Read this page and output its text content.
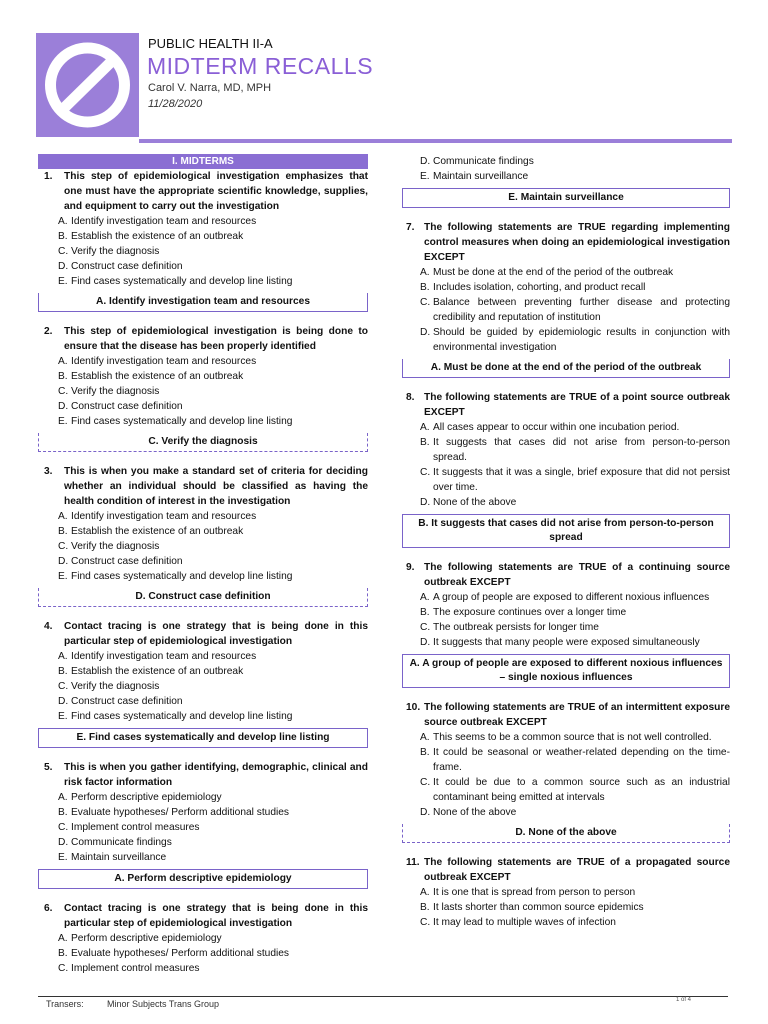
PUBLIC HEALTH II-A
MIDTERM RECALLS
Carol V. Narra, MD, MPH
11/28/2020
I. MIDTERMS
1.	This step of epidemiological investigation emphasizes that one must have the appropriate scientific knowledge, supplies, and equipment to carry out the investigation
A. Identify investigation team and resources
B. Establish the existence of an outbreak
C. Verify the diagnosis
D. Construct case definition
E. Find cases systematically and develop line listing
A. Identify investigation team and resources
2.	This step of epidemiological investigation is being done to ensure that the disease has been properly identified
A. Identify investigation team and resources
B. Establish the existence of an outbreak
C. Verify the diagnosis
D. Construct case definition
E. Find cases systematically and develop line listing
C. Verify the diagnosis
3.	This is when you make a standard set of criteria for deciding whether an individual should be classified as having the health condition of interest in the investigation
A. Identify investigation team and resources
B. Establish the existence of an outbreak
C. Verify the diagnosis
D. Construct case definition
E. Find cases systematically and develop line listing
D. Construct case definition
4.	Contact tracing is one strategy that is being done in this particular step of epidemiological investigation
A. Identify investigation team and resources
B. Establish the existence of an outbreak
C. Verify the diagnosis
D. Construct case definition
E. Find cases systematically and develop line listing
E. Find cases systematically and develop line listing
5.	This is when you gather identifying, demographic, clinical and risk factor information
A. Perform descriptive epidemiology
B. Evaluate hypotheses/ Perform additional studies
C. Implement control measures
D. Communicate findings
E. Maintain surveillance
A. Perform descriptive epidemiology
6.	Contact tracing is one strategy that is being done in this particular step of epidemiological investigation
A. Perform descriptive epidemiology
B. Evaluate hypotheses/ Perform additional studies
C. Implement control measures
D. Communicate findings
E. Maintain surveillance
E. Maintain surveillance
7. The following statements are TRUE regarding implementing control measures when doing an epidemiological investigation EXCEPT
A. Must be done at the end of the period of the outbreak
B. Includes isolation, cohorting, and product recall
C. Balance between preventing further disease and protecting credibility and reputation of institution
D. Should be guided by epidemiologic results in conjunction with environmental investigation
A. Must be done at the end of the period of the outbreak
8. The following statements are TRUE of a point source outbreak EXCEPT
A. All cases appear to occur within one incubation period.
B. It suggests that cases did not arise from person-to-person spread.
C. It suggests that it was a single, brief exposure that did not persist over time.
D. None of the above
B. It suggests that cases did not arise from person-to-person spread
9. The following statements are TRUE of a continuing source outbreak EXCEPT
A. A group of people are exposed to different noxious influences
B. The exposure continues over a longer time
C. The outbreak persists for longer time
D. It suggests that many people were exposed simultaneously
A. A group of people are exposed to different noxious influences – single noxious influences
10. The following statements are TRUE of an intermittent exposure source outbreak EXCEPT
A. This seems to be a common source that is not well controlled.
B. It could be seasonal or weather-related depending on the time-frame.
C. It could be due to a common source such as an industrial contaminant being emitted at intervals
D. None of the above
D. None of the above
11. The following statements are TRUE of a propagated source outbreak EXCEPT
A. It is one that is spread from person to person
B. It lasts shorter than common source epidemics
C. It may lead to multiple waves of infection
Transers:	Minor Subjects Trans Group	1 of 4
